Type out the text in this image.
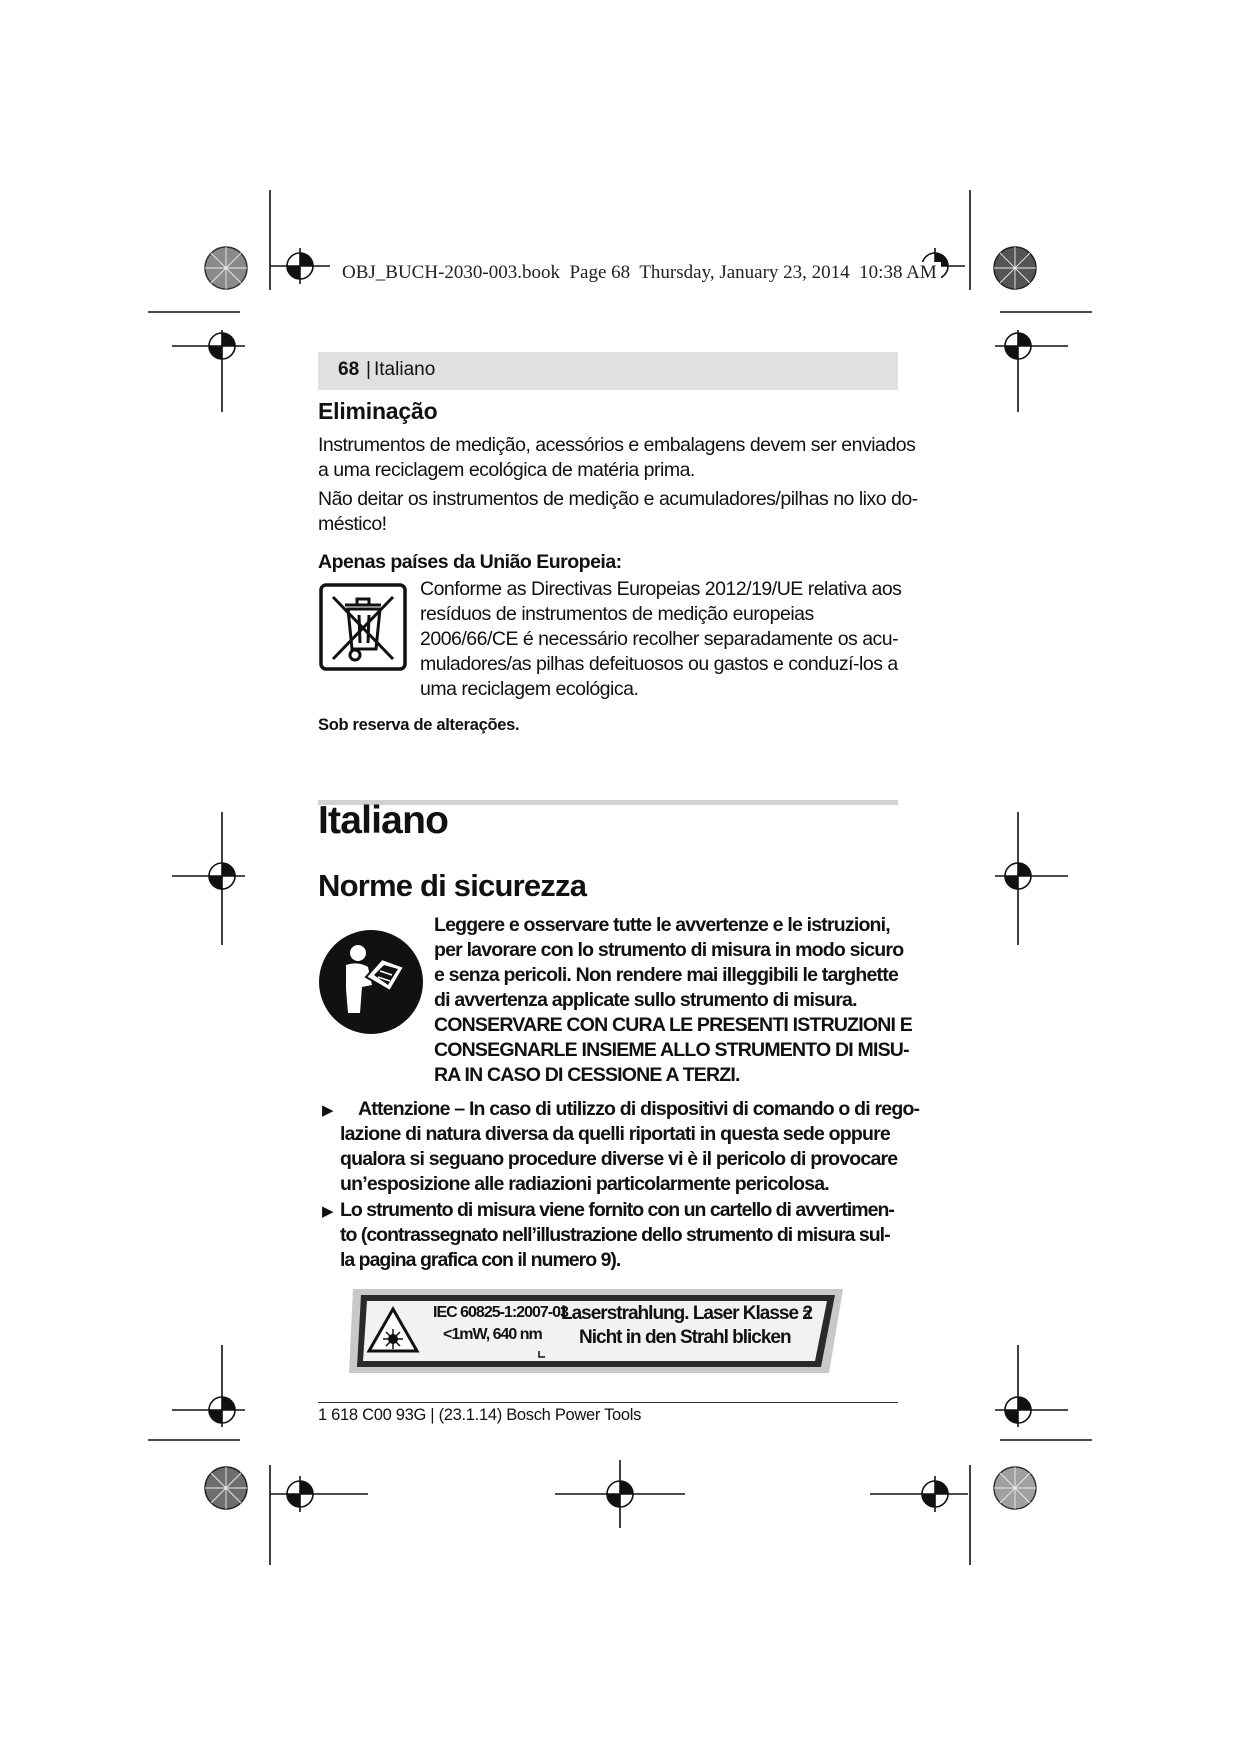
OBJ_BUCH-2030-003.book  Page 68  Thursday, January 23, 2014  10:38 AM
68 | Italiano
Eliminação
Instrumentos de medição, acessórios e embalagens devem ser enviados
a uma reciclagem ecológica de matéria prima.
Não deitar os instrumentos de medição e acumuladores/pilhas no lixo do-
méstico!
Apenas países da União Europeia:
Conforme as Directivas Europeias 2012/19/UE relativa aos
resíduos de instrumentos de medição europeias
2006/66/CE é necessário recolher separadamente os acu-
muladores/as pilhas defeituosos ou gastos e conduzí-los a
uma reciclagem ecológica.
Sob reserva de alterações.
Italiano
Norme di sicurezza
Leggere e osservare tutte le avvertenze e le istruzioni,
per lavorare con lo strumento di misura in modo sicuro
e senza pericoli. Non rendere mai illeggibili le targhette
di avvertenza applicate sullo strumento di misura.
CONSERVARE CON CURA LE PRESENTI ISTRUZIONI E
CONSEGNARLE INSIEME ALLO STRUMENTO DI MISU-
RA IN CASO DI CESSIONE A TERZI.
▶	Attenzione – In caso di utilizzo di dispositivi di comando o di rego-
lazione di natura diversa da quelli riportati in questa sede oppure
qualora si seguano procedure diverse vi è il pericolo di provocare
un’esposizione alle radiazioni particolarmente pericolosa.
▶ Lo strumento di misura viene fornito con un cartello di avvertimen-
to (contrassegnato nell’illustrazione dello strumento di misura sul-
la pagina grafica con il numero 9).
IEC 60825-1:2007-03
<1mW, 640 nm
Laserstrahlung. Laser Klasse 2
Nicht in den Strahl blicken
1 618 C00 93G | (23.1.14) Bosch Power Tools
